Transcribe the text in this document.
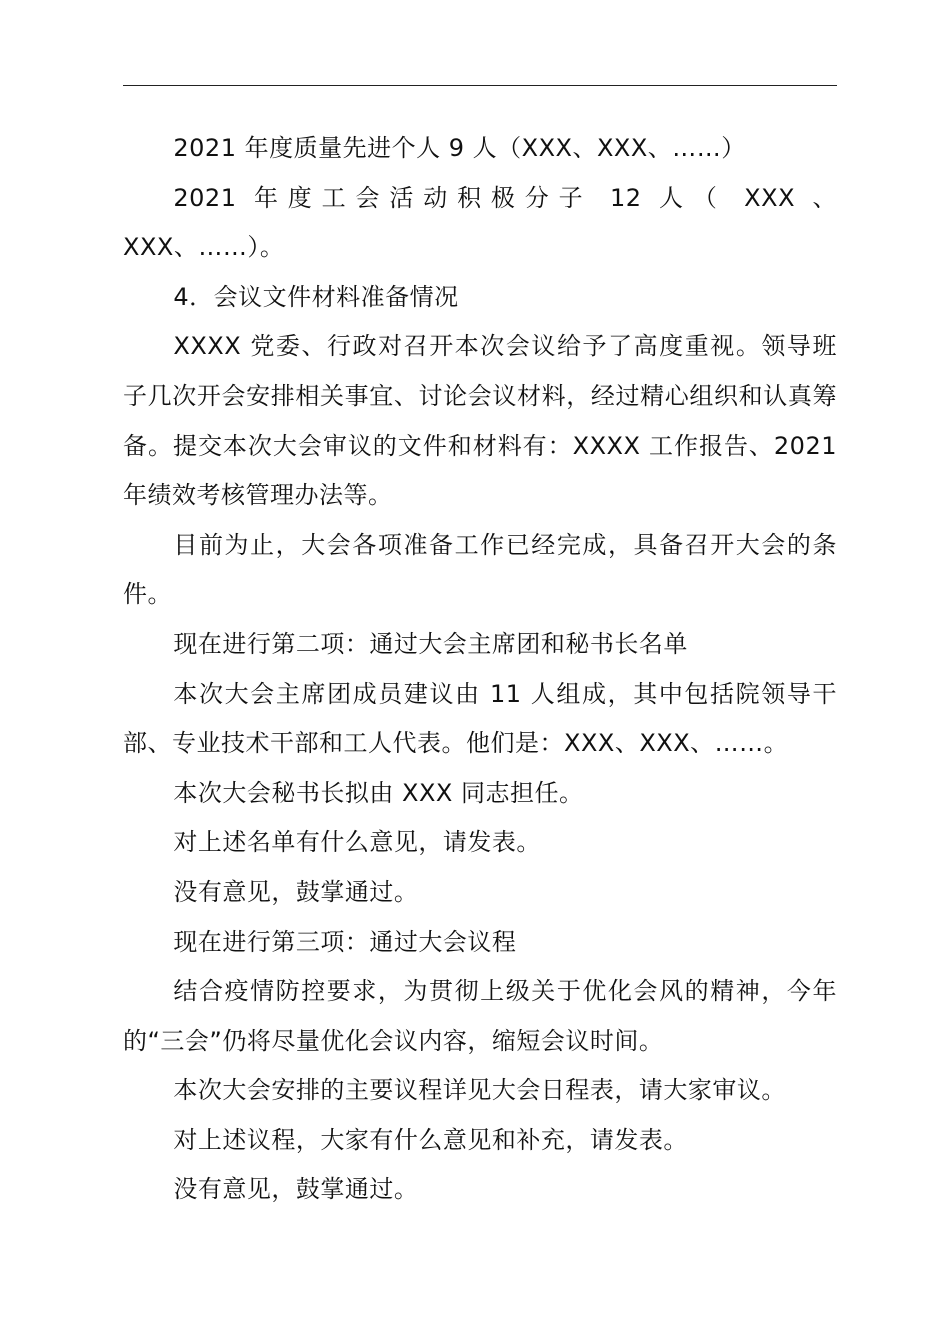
2021 年度质量先进个人 9 人（XXX、XXX、……）

2021 年度工会活动积极分子 12 人（ XXX 、
XXX、……）。

4．会议文件材料准备情况

XXXX 党委、行政对召开本次会议给予了高度重视。领导班子几次开会安排相关事宜、讨论会议材料，经过精心组织和认真筹备。提交本次大会审议的文件和材料有：XXXX 工作报告、2021 年绩效考核管理办法等。

目前为止，大会各项准备工作已经完成，具备召开大会的条件。

现在进行第二项：通过大会主席团和秘书长名单

本次大会主席团成员建议由 11 人组成，其中包括院领导干部、专业技术干部和工人代表。他们是：XXX、XXX、……。

本次大会秘书长拟由 XXX 同志担任。

对上述名单有什么意见，请发表。

没有意见，鼓掌通过。

现在进行第三项：通过大会议程

结合疫情防控要求，为贯彻上级关于优化会风的精神，今年的“三会”仍将尽量优化会议内容，缩短会议时间。

本次大会安排的主要议程详见大会日程表，请大家审议。

对上述议程，大家有什么意见和补充，请发表。

没有意见，鼓掌通过。
